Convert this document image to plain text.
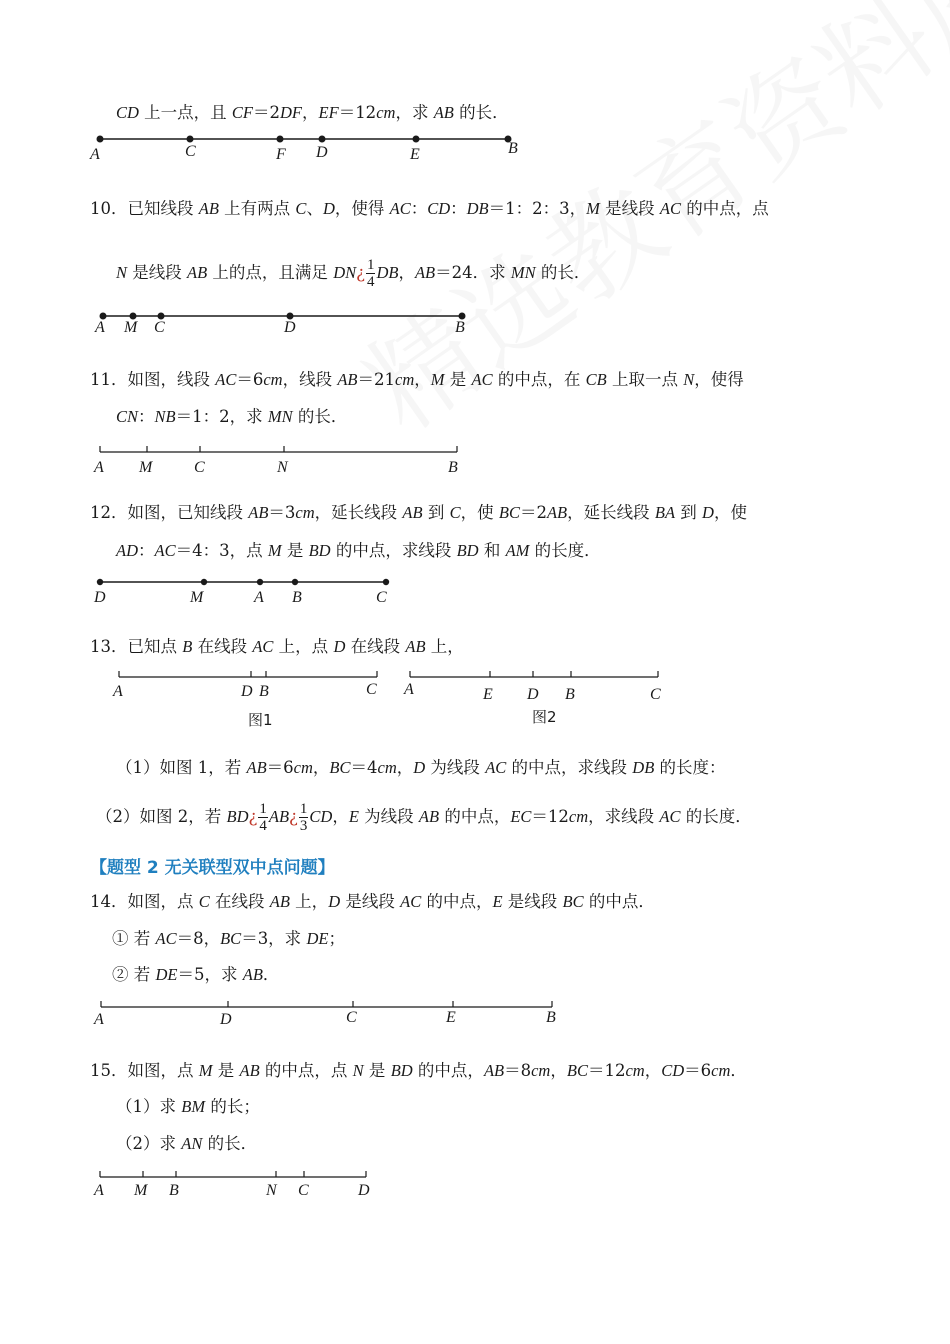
CD 上一点，且 CF＝2DF，EF＝12cm，求 AB 的长．
10．已知线段 AB 上有两点 C、D，使得 AC：CD：DB＝1：2：3，M 是线段 AC 的中点，点
N 是线段 AB 上的点，且满足 DN¿ $\frac{1}{4}$ DB，AB＝24．求 MN 的长．
11．如图，线段 AC＝6cm，线段 AB＝21cm，M 是 AC 的中点，在 CB 上取一点 N，使得
CN：NB＝1：2，求 MN 的长．
12．如图，已知线段 AB＝3cm，延长线段 AB 到 C，使 BC＝2AB，延长线段 BA 到 D，使
AD：AC＝4：3，点 M 是 BD 的中点，求线段 BD 和 AM 的长度．
13．已知点 B 在线段 AC 上，点 D 在线段 AB 上，
（1）如图 1，若 AB＝6cm，BC＝4cm，D 为线段 AC 的中点，求线段 DB 的长度：
（2）如图 2，若 BD¿ $\frac{1}{4}$ AB¿ $\frac{1}{3}$ CD，E 为线段 AB 的中点，EC＝12cm，求线段 AC 的长度．
【题型 2 无关联型双中点问题】
14．如图，点 C 在线段 AB 上，D 是线段 AC 的中点，E 是线段 BC 的中点．
① 若 AC＝8，BC＝3，求 DE；
② 若 DE＝5，求 AB．
15．如图，点 M 是 AB 的中点，点 N 是 BD 的中点，AB＝8cm，BC＝12cm，CD＝6cm．
（1）求 BM 的长；
（2）求 AN 的长．
A	C	F D	E	B
A M C	D	B
A M	C	N	B
D	M	A B	C
A	D B	C
图1
A	E D B	C
图2
A	D	C	E	B
A M B	N C	D
